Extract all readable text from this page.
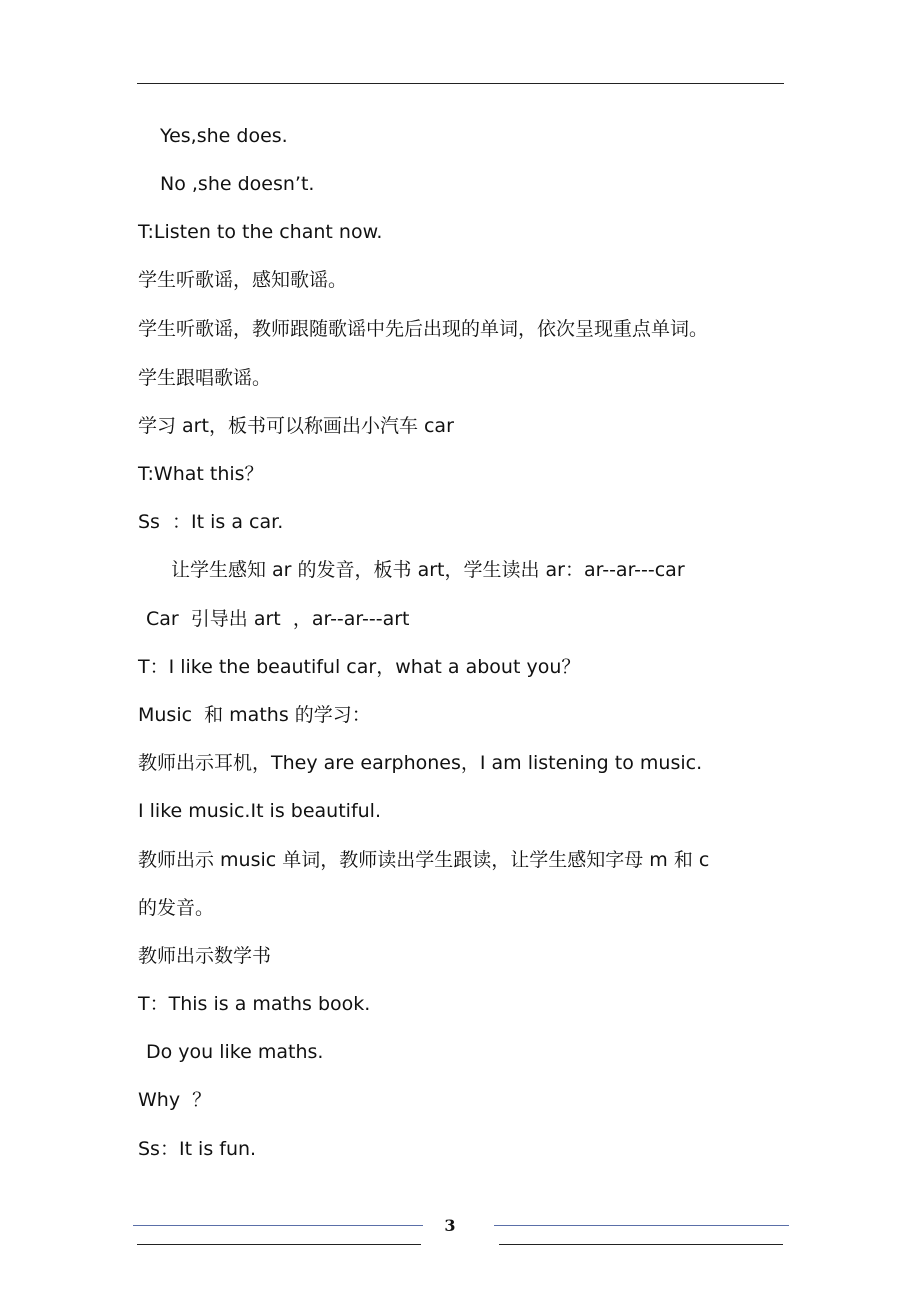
Yes,she does.
No ,she doesn’t.
T:Listen to the chant now.
学生听歌谣，感知歌谣。
学生听歌谣，教师跟随歌谣中先后出现的单词，依次呈现重点单词。
学生跟唱歌谣。
学习 art，板书可以称画出小汽车 car
T:What this？
Ss  ：It is a car.
让学生感知 ar 的发音，板书 art，学生读出 ar：ar--ar---car
Car  引导出 art  ，ar--ar---art
T：I like the beautiful car，what a about you？
Music  和 maths 的学习：
教师出示耳机，They are earphones，I am listening to music.
I like music.It is beautiful.
教师出示 music 单词，教师读出学生跟读，让学生感知字母 m 和 c
的发音。
教师出示数学书
T：This is a maths book.
Do you like maths.
Why  ？
Ss：It is fun.
3
